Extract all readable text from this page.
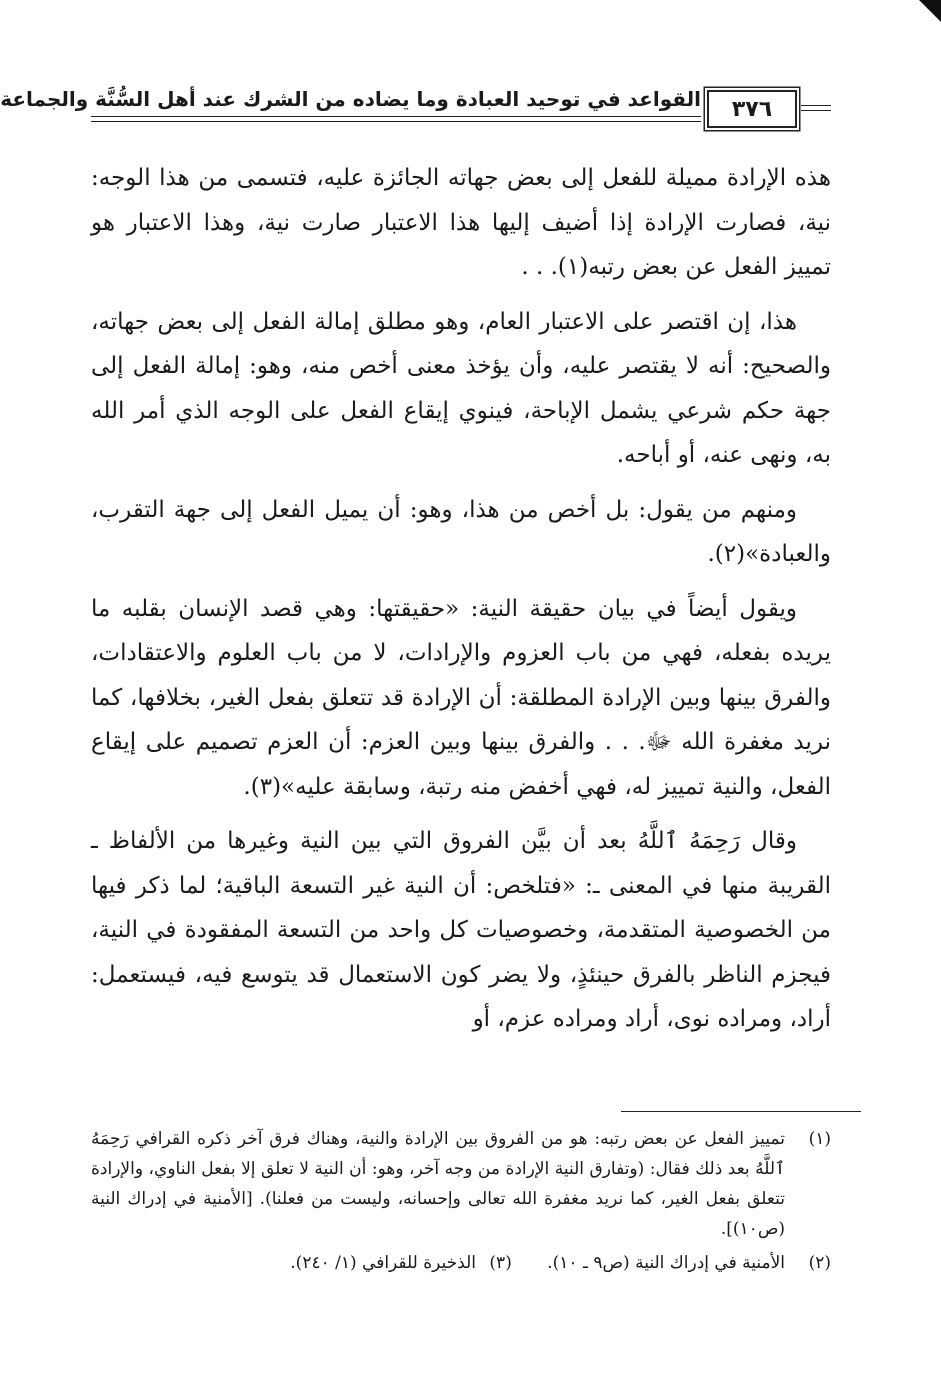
٣٧٦
القواعد في توحيد العبادة وما يضاده من الشرك عند أهل السُّنَّة والجماعة

هذه الإرادة مميلة للفعل إلى بعض جهاته الجائزة عليه، فتسمى من هذا الوجه: نية، فصارت الإرادة إذا أضيف إليها هذا الاعتبار صارت نية، وهذا الاعتبار هو تمييز الفعل عن بعض رتبه(١). . .

هذا، إن اقتصر على الاعتبار العام، وهو مطلق إمالة الفعل إلى بعض جهاته، والصحيح: أنه لا يقتصر عليه، وأن يؤخذ معنى أخص منه، وهو: إمالة الفعل إلى جهة حكم شرعي يشمل الإباحة، فينوي إيقاع الفعل على الوجه الذي أمر الله به، ونهى عنه، أو أباحه.

ومنهم من يقول: بل أخص من هذا، وهو: أن يميل الفعل إلى جهة التقرب، والعبادة»(٢).

ويقول أيضاً في بيان حقيقة النية: «حقيقتها: وهي قصد الإنسان بقلبه ما يريده بفعله، فهي من باب العزوم والإرادات، لا من باب العلوم والاعتقادات، والفرق بينها وبين الإرادة المطلقة: أن الإرادة قد تتعلق بفعل الغير، بخلافها، كما نريد مغفرة الله ﷻ. . . والفرق بينها وبين العزم: أن العزم تصميم على إيقاع الفعل، والنية تمييز له، فهي أخفض منه رتبة، وسابقة عليه»(٣).

وقال رَحِمَهُ ٱللَّهُ بعد أن بيَّن الفروق التي بين النية وغيرها من الألفاظ ـ القريبة منها في المعنى ـ: «فتلخص: أن النية غير التسعة الباقية؛ لما ذكر فيها من الخصوصية المتقدمة، وخصوصيات كل واحد من التسعة المفقودة في النية، فيجزم الناظر بالفرق حينئذٍ، ولا يضر كون الاستعمال قد يتوسع فيه، فيستعمل: أراد، ومراده نوى، أراد ومراده عزم، أو

(١)
تمييز الفعل عن بعض رتبه: هو من الفروق بين الإرادة والنية، وهناك فرق آخر ذكره القرافي رَحِمَهُ ٱللَّهُ بعد ذلك فقال: (وتفارق النية الإرادة من وجه آخر، وهو: أن النية لا تعلق إلا بفعل الناوي، والإرادة تتعلق بفعل الغير، كما نريد مغفرة الله تعالى وإحسانه، وليست من فعلنا). [الأمنية في إدراك النية (ص١٠)].
(٢)
الأمنية في إدراك النية (ص٩ ـ ١٠). (٣) الذخيرة للقرافي (١/ ٢٤٠).
